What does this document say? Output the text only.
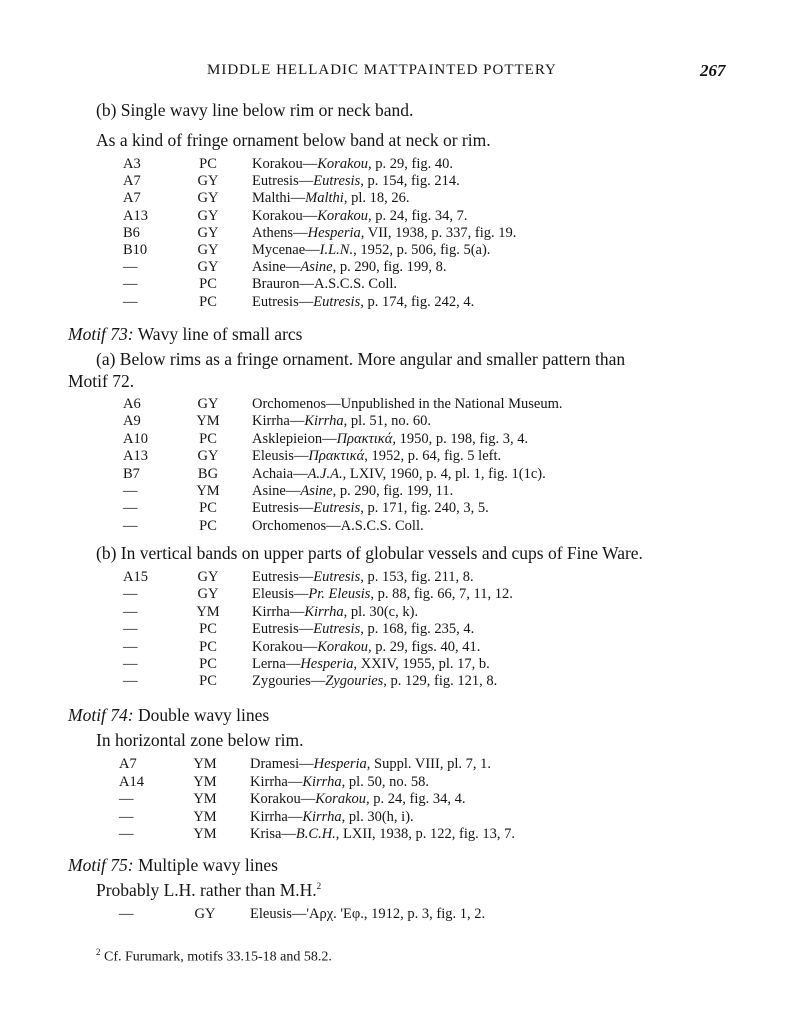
MIDDLE HELLADIC MATTPAINTED POTTERY	267
(b) Single wavy line below rim or neck band.
As a kind of fringe ornament below band at neck or rim.
A3	PC	Korakou—Korakou, p. 29, fig. 40.
A7	GY	Eutresis—Eutresis, p. 154, fig. 214.
A7	GY	Malthi—Malthi, pl. 18, 26.
A13	GY	Korakou—Korakou, p. 24, fig. 34, 7.
B6	GY	Athens—Hesperia, VII, 1938, p. 337, fig. 19.
B10	GY	Mycenae—I.L.N., 1952, p. 506, fig. 5(a).
—	GY	Asine—Asine, p. 290, fig. 199, 8.
—	PC	Brauron—A.S.C.S. Coll.
—	PC	Eutresis—Eutresis, p. 174, fig. 242, 4.
Motif 73: Wavy line of small arcs
(a) Below rims as a fringe ornament. More angular and smaller pattern than
Motif 72.
A6	GY	Orchomenos—Unpublished in the National Museum.
A9	YM	Kirrha—Kirrha, pl. 51, no. 60.
A10	PC	Asklepieion—Πρακτικά, 1950, p. 198, fig. 3, 4.
A13	GY	Eleusis—Πρακτικά, 1952, p. 64, fig. 5 left.
B7	BG	Achaia—A.J.A., LXIV, 1960, p. 4, pl. 1, fig. 1(1c).
—	YM	Asine—Asine, p. 290, fig. 199, 11.
—	PC	Eutresis—Eutresis, p. 171, fig. 240, 3, 5.
—	PC	Orchomenos—A.S.C.S. Coll.
(b) In vertical bands on upper parts of globular vessels and cups of Fine Ware.
A15	GY	Eutresis—Eutresis, p. 153, fig. 211, 8.
—	GY	Eleusis—Pr. Eleusis, p. 88, fig. 66, 7, 11, 12.
—	YM	Kirrha—Kirrha, pl. 30(c, k).
—	PC	Eutresis—Eutresis, p. 168, fig. 235, 4.
—	PC	Korakou—Korakou, p. 29, figs. 40, 41.
—	PC	Lerna—Hesperia, XXIV, 1955, pl. 17, b.
—	PC	Zygouries—Zygouries, p. 129, fig. 121, 8.
Motif 74: Double wavy lines
In horizontal zone below rim.
A7	YM	Dramesi—Hesperia, Suppl. VIII, pl. 7, 1.
A14	YM	Kirrha—Kirrha, pl. 50, no. 58.
—	YM	Korakou—Korakou, p. 24, fig. 34, 4.
—	YM	Kirrha—Kirrha, pl. 30(h, i).
—	YM	Krisa—B.C.H., LXII, 1938, p. 122, fig. 13, 7.
Motif 75: Multiple wavy lines
Probably L.H. rather than M.H.$^2$
—	GY	Eleusis—'Αρχ. 'Εφ., 1912, p. 3, fig. 1, 2.
$^2$ Cf. Furumark, motifs 33.15-18 and 58.2.
